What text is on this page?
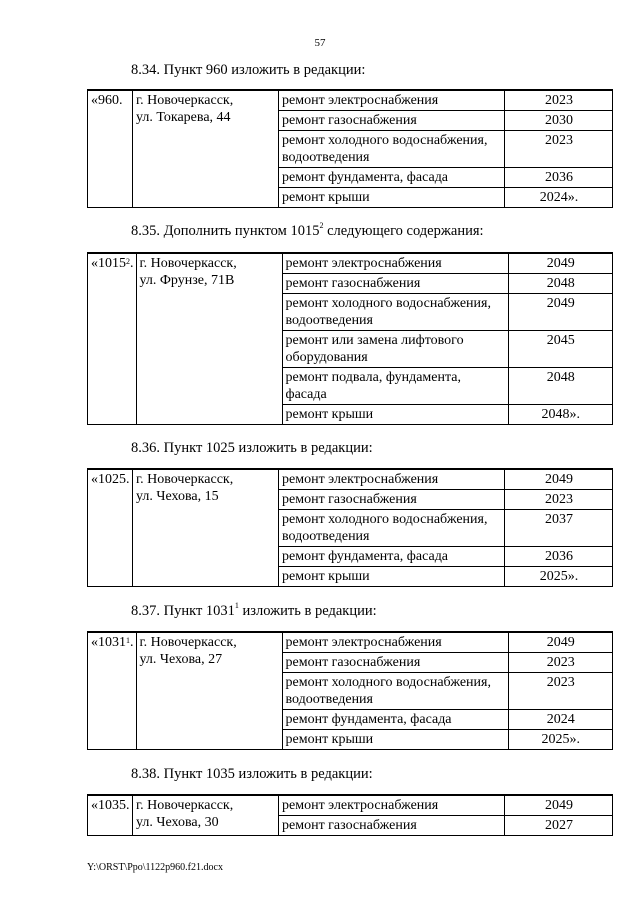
57
8.34. Пункт 960 изложить в редакции:
«960.	г. Новочеркасск,
ул. Токарева, 44	ремонт электроснабжения	2023
		ремонт газоснабжения	2030
		ремонт холодного водоснабжения, водоотведения	2023
		ремонт фундамента, фасада	2036
		ремонт крыши	2024».
8.35. Дополнить пунктом 1015$^2$ следующего содержания:
«1015$^2$.	г. Новочеркасск,
ул. Фрунзе, 71В	ремонт электроснабжения	2049
		ремонт газоснабжения	2048
		ремонт холодного водоснабжения, водоотведения	2049
		ремонт или замена лифтового оборудования	2045
		ремонт подвала, фундамента, фасада	2048
		ремонт крыши	2048».
8.36. Пункт 1025 изложить в редакции:
«1025.	г. Новочеркасск,
ул. Чехова, 15	ремонт электроснабжения	2049
		ремонт газоснабжения	2023
		ремонт холодного водоснабжения, водоотведения	2037
		ремонт фундамента, фасада	2036
		ремонт крыши	2025».
8.37. Пункт 1031$^1$ изложить в редакции:
«1031$^1$.	г. Новочеркасск,
ул. Чехова, 27	ремонт электроснабжения	2049
		ремонт газоснабжения	2023
		ремонт холодного водоснабжения, водоотведения	2023
		ремонт фундамента, фасада	2024
		ремонт крыши	2025».
8.38. Пункт 1035 изложить в редакции:
«1035.	г. Новочеркасск,
ул. Чехова, 30	ремонт электроснабжения	2049
		ремонт газоснабжения	2027
Y:\ORST\Ppo\1122p960.f21.docx
